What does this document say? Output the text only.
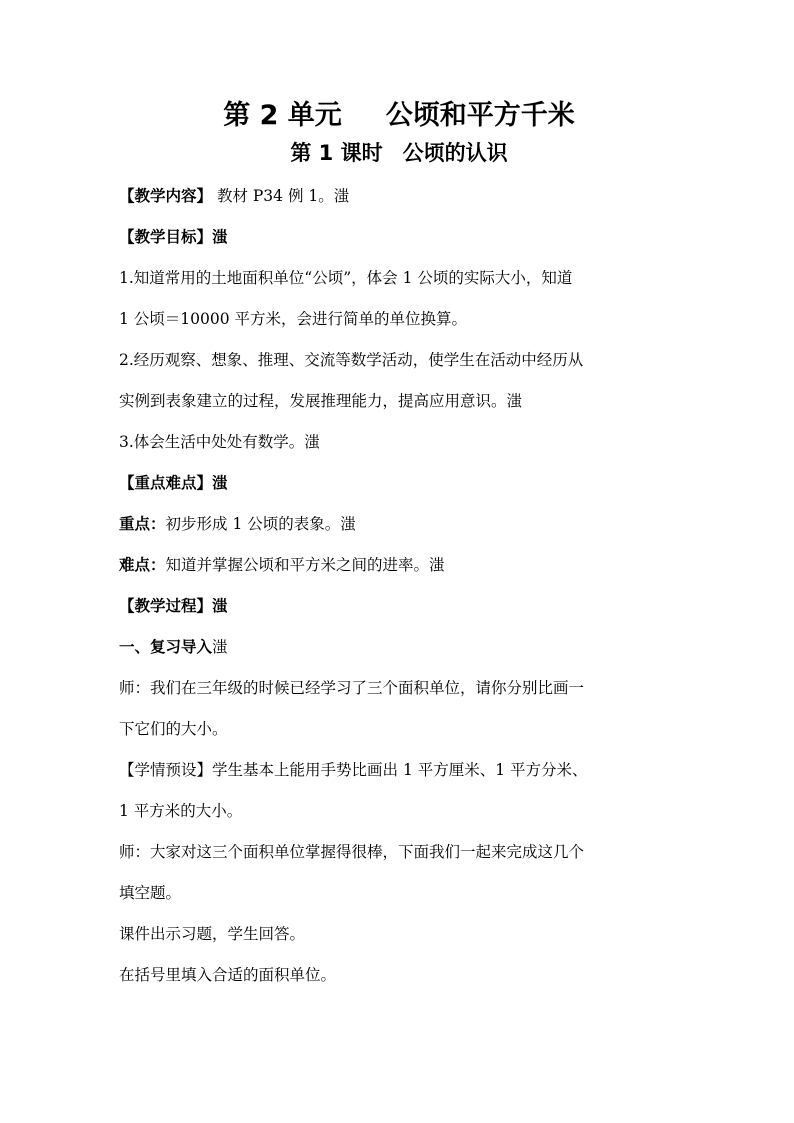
第 2 单元 公顷和平方千米
第 1 课时 公顷的认识
【教学内容】 教材 P34 例 1。滍
【教学目标】滍
1.知道常用的土地面积单位“公顷”，体会 1 公顷的实际大小，知道
1 公顷＝10000 平方米，会进行简单的单位换算。
2.经历观察、想象、推理、交流等数学活动，使学生在活动中经历从
实例到表象建立的过程，发展推理能力，提高应用意识。滍
3.体会生活中处处有数学。滍
【重点难点】滍
重点：初步形成 1 公顷的表象。滍
难点：知道并掌握公顷和平方米之间的进率。滍
【教学过程】滍
一、复习导入滍
师：我们在三年级的时候已经学习了三个面积单位，请你分别比画一
下它们的大小。
【学情预设】学生基本上能用手势比画出 1 平方厘米、1 平方分米、
1 平方米的大小。
师：大家对这三个面积单位掌握得很棒，下面我们一起来完成这几个
填空题。
课件出示习题，学生回答。
在括号里填入合适的面积单位。
